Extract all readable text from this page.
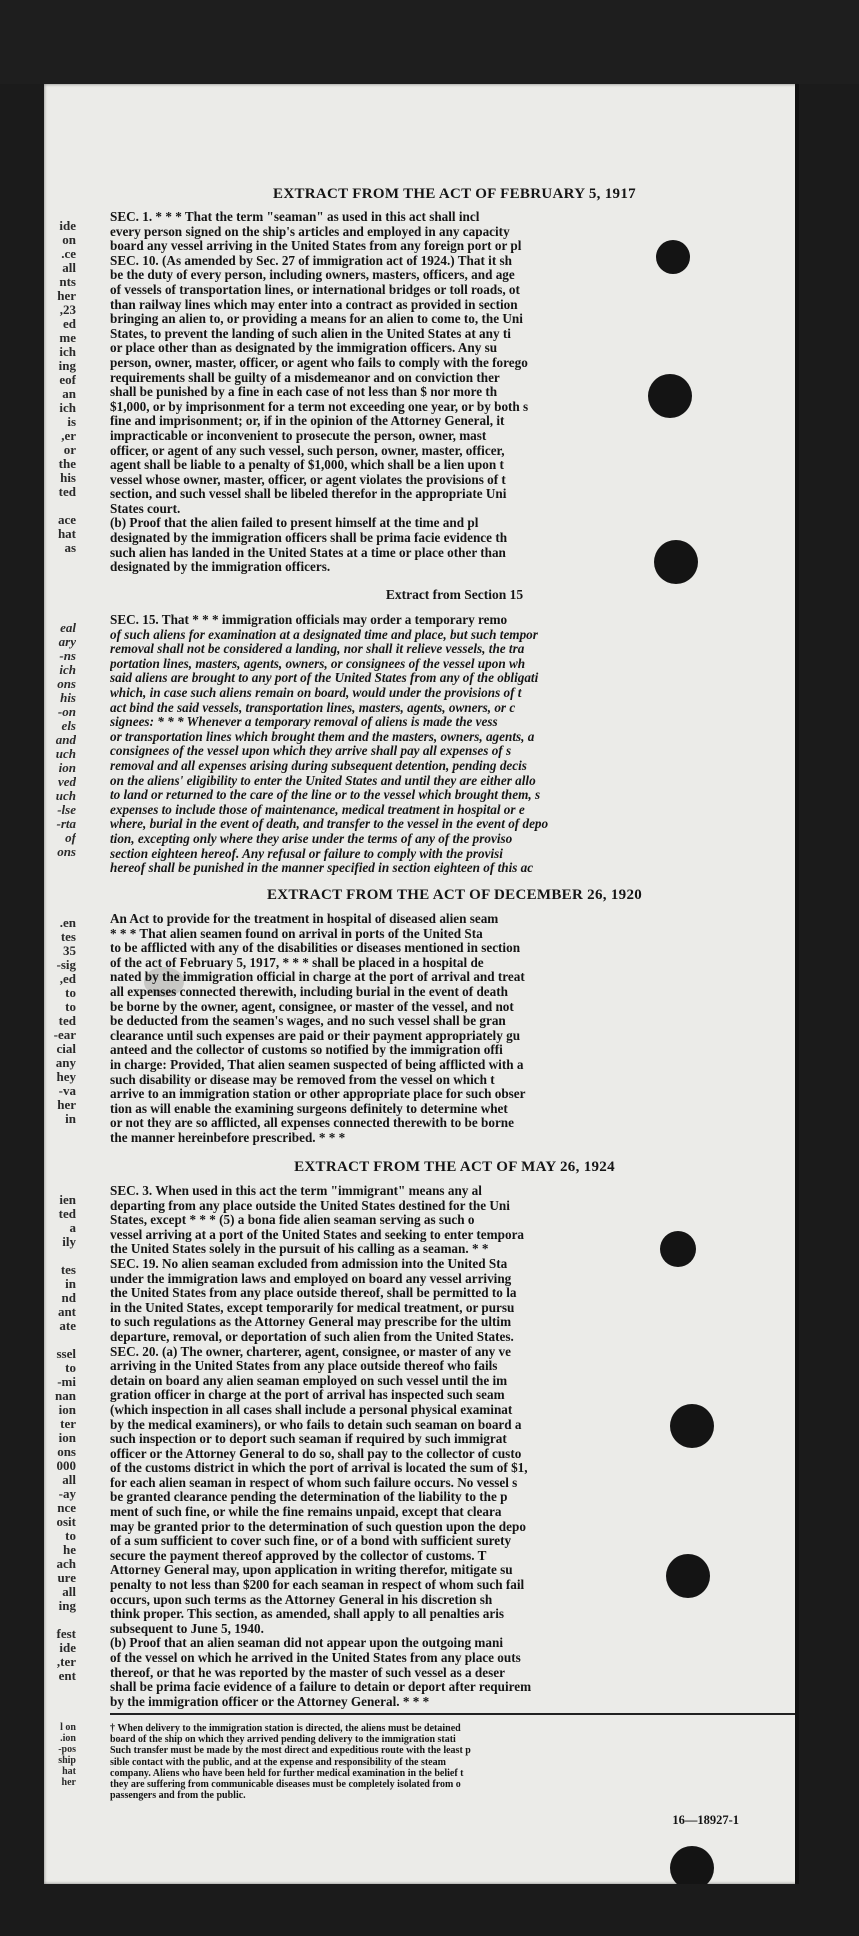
ide
on
ce.
all
nts
her
23,
ed
me
ich
ing
eof
an
ich
is
er,
or
the
his
ted

ace
hat
as
eal
ary
ns-
ich
ons
his
on-
els
and
uch
ion
ved
uch
lse-
rta-
of
ons
en.
tes
35
sig-
ed,
to
to
ted
ear-
cial
any
hey
va-
her
in
ien
ted
a
ily

tes
in
nd
ant
ate

ssel
to
mi-
nan
ion
ter
ion
ons
000
all
ay-
nce
osit
to
he
ach
ure
all
ing

fest
ide
ter,
ent
l on
ion.
pos-
ship
hat
her
EXTRACT FROM THE ACT OF FEBRUARY 5, 1917
SEC. 1. * * * That the term "seaman" as used in this act shall incl
every person signed on the ship's articles and employed in any capacity
board any vessel arriving in the United States from any foreign port or pl
SEC. 10. (As amended by Sec. 27 of immigration act of 1924.) That it sh
be the duty of every person, including owners, masters, officers, and age
of vessels of transportation lines, or international bridges or toll roads, ot
than railway lines which may enter into a contract as provided in section
bringing an alien to, or providing a means for an alien to come to, the Uni
States, to prevent the landing of such alien in the United States at any ti
or place other than as designated by the immigration officers. Any su
person, owner, master, officer, or agent who fails to comply with the forego
requirements shall be guilty of a misdemeanor and on conviction ther
shall be punished by a fine in each case of not less than $ nor more th
$1,000, or by imprisonment for a term not exceeding one year, or by both s
fine and imprisonment; or, if in the opinion of the Attorney General, it
impracticable or inconvenient to prosecute the person, owner, mast
officer, or agent of any such vessel, such person, owner, master, officer,
agent shall be liable to a penalty of $1,000, which shall be a lien upon t
vessel whose owner, master, officer, or agent violates the provisions of t
section, and such vessel shall be libeled therefor in the appropriate Uni
States court.
(b) Proof that the alien failed to present himself at the time and pl
designated by the immigration officers shall be prima facie evidence th
such alien has landed in the United States at a time or place other than
designated by the immigration officers.
Extract from Section 15
SEC. 15. That * * * immigration officials may order a temporary remo
of such aliens for examination at a designated time and place, but such tempor
removal shall not be considered a landing, nor shall it relieve vessels, the tra
portation lines, masters, agents, owners, or consignees of the vessel upon wh
said aliens are brought to any port of the United States from any of the obligati
which, in case such aliens remain on board, would under the provisions of t
act bind the said vessels, transportation lines, masters, agents, owners, or c
signees: * * * Whenever a temporary removal of aliens is made the vess
or transportation lines which brought them and the masters, owners, agents, a
consignees of the vessel upon which they arrive shall pay all expenses of s
removal and all expenses arising during subsequent detention, pending decis
on the aliens' eligibility to enter the United States and until they are either allo
to land or returned to the care of the line or to the vessel which brought them, s
expenses to include those of maintenance, medical treatment in hospital or e
where, burial in the event of death, and transfer to the vessel in the event of depo
tion, excepting only where they arise under the terms of any of the proviso
section eighteen hereof. Any refusal or failure to comply with the provisi
hereof shall be punished in the manner specified in section eighteen of this ac
EXTRACT FROM THE ACT OF DECEMBER 26, 1920
An Act to provide for the treatment in hospital of diseased alien seam
* * * That alien seamen found on arrival in ports of the United Sta
to be afflicted with any of the disabilities or diseases mentioned in section
of the act of February 5, 1917, * * * shall be placed in a hospital de
nated by the immigration official in charge at the port of arrival and treat
all expenses connected therewith, including burial in the event of death
be borne by the owner, agent, consignee, or master of the vessel, and not
be deducted from the seamen's wages, and no such vessel shall be gran
clearance until such expenses are paid or their payment appropriately gu
anteed and the collector of customs so notified by the immigration offi
in charge: Provided, That alien seamen suspected of being afflicted with a
such disability or disease may be removed from the vessel on which t
arrive to an immigration station or other appropriate place for such obser
tion as will enable the examining surgeons definitely to determine whet
or not they are so afflicted, all expenses connected therewith to be borne
the manner hereinbefore prescribed. * * *
EXTRACT FROM THE ACT OF MAY 26, 1924
SEC. 3. When used in this act the term "immigrant" means any al
departing from any place outside the United States destined for the Uni
States, except * * * (5) a bona fide alien seaman serving as such o
vessel arriving at a port of the United States and seeking to enter tempora
the United States solely in the pursuit of his calling as a seaman. * *
SEC. 19. No alien seaman excluded from admission into the United Sta
under the immigration laws and employed on board any vessel arriving
the United States from any place outside thereof, shall be permitted to la
in the United States, except temporarily for medical treatment, or pursu
to such regulations as the Attorney General may prescribe for the ultim
departure, removal, or deportation of such alien from the United States.
SEC. 20. (a) The owner, charterer, agent, consignee, or master of any ve
arriving in the United States from any place outside thereof who fails
detain on board any alien seaman employed on such vessel until the im
gration officer in charge at the port of arrival has inspected such seam
(which inspection in all cases shall include a personal physical examinat
by the medical examiners), or who fails to detain such seaman on board a
such inspection or to deport such seaman if required by such immigrat
officer or the Attorney General to do so, shall pay to the collector of custo
of the customs district in which the port of arrival is located the sum of $1,
for each alien seaman in respect of whom such failure occurs. No vessel s
be granted clearance pending the determination of the liability to the p
ment of such fine, or while the fine remains unpaid, except that cleara
may be granted prior to the determination of such question upon the depo
of a sum sufficient to cover such fine, or of a bond with sufficient surety
secure the payment thereof approved by the collector of customs. T
Attorney General may, upon application in writing therefor, mitigate su
penalty to not less than $200 for each seaman in respect of whom such fail
occurs, upon such terms as the Attorney General in his discretion sh
think proper. This section, as amended, shall apply to all penalties aris
subsequent to June 5, 1940.
(b) Proof that an alien seaman did not appear upon the outgoing mani
of the vessel on which he arrived in the United States from any place outs
thereof, or that he was reported by the master of such vessel as a deser
shall be prima facie evidence of a failure to detain or deport after requirem
by the immigration officer or the Attorney General. * * *
† When delivery to the immigration station is directed, the aliens must be detained
board of the ship on which they arrived pending delivery to the immigration stati
Such transfer must be made by the most direct and expeditious route with the least p
sible contact with the public, and at the expense and responsibility of the steam
company. Aliens who have been held for further medical examination in the belief t
they are suffering from communicable diseases must be completely isolated from o
passengers and from the public.
16—18927-1
